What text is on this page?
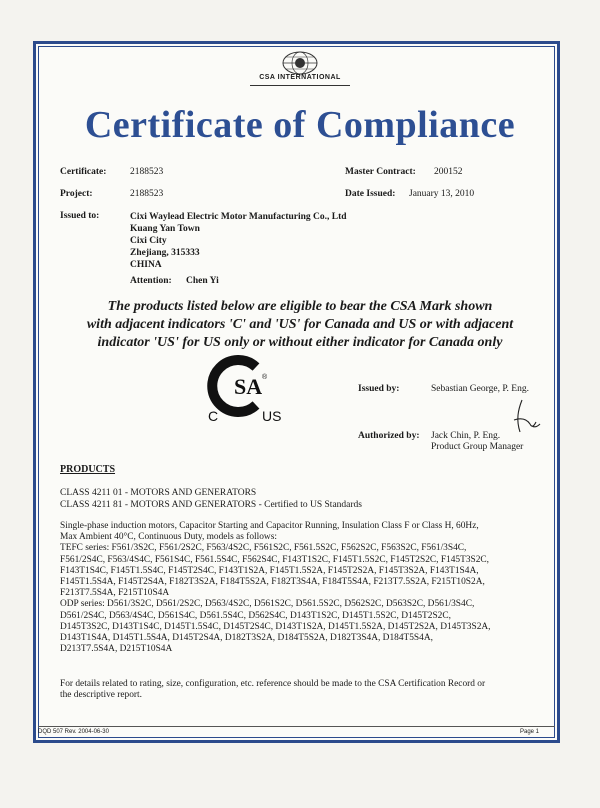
CSA INTERNATIONAL
Certificate of Compliance
Certificate: 2188523	Master Contract: 200152
Project:	2188523	Date Issued: January 13, 2010
Issued to:	Cixi Waylead Electric Motor Manufacturing Co., Ltd
Kuang Yan Town
Cixi City
Zhejiang, 315333
CHINA
Attention: Chen Yi
The products listed below are eligible to bear the CSA Mark shown
with adjacent indicators 'C' and 'US' for Canada and US or with adjacent
indicator 'US' for US only or without either indicator for Canada only
SA ®
C	US
Issued by:	Sebastian George, P. Eng.
Authorized by: Jack Chin, P. Eng.
Product Group Manager
PRODUCTS
CLASS 4211 01 - MOTORS AND GENERATORS
CLASS 4211 81 - MOTORS AND GENERATORS - Certified to US Standards
Single-phase induction motors, Capacitor Starting and Capacitor Running, Insulation Class F or Class H, 60Hz,
Max Ambient 40°C, Continuous Duty, models as follows:
TEFC series: F561/3S2C, F561/2S2C, F563/4S2C, F561S2C, F561.5S2C, F562S2C, F563S2C, F561/3S4C,
F561/2S4C, F563/4S4C, F561S4C, F561.5S4C, F562S4C, F143T1S2C, F145T1.5S2C, F145T2S2C, F145T3S2C,
F143T1S4C, F145T1.5S4C, F145T2S4C, F143T1S2A, F145T1.5S2A, F145T2S2A, F145T3S2A, F143T1S4A,
F145T1.5S4A, F145T2S4A, F182T3S2A, F184T5S2A, F182T3S4A, F184T5S4A, F213T7.5S2A, F215T10S2A,
F213T7.5S4A, F215T10S4A
ODP series: D561/3S2C, D561/2S2C, D563/4S2C, D561S2C, D561.5S2C, D562S2C, D563S2C, D561/3S4C,
D561/2S4C, D563/4S4C, D561S4C, D561.5S4C, D562S4C, D143T1S2C, D145T1.5S2C, D145T2S2C,
D145T3S2C, D143T1S4C, D145T1.5S4C, D145T2S4C, D143T1S2A, D145T1.5S2A, D145T2S2A, D145T3S2A,
D143T1S4A, D145T1.5S4A, D145T2S4A, D182T3S2A, D184T5S2A, D182T3S4A, D184T5S4A,
D213T7.5S4A, D215T10S4A
For details related to rating, size, configuration, etc. reference should be made to the CSA Certification Record or
the descriptive report.
DQD 507 Rev. 2004-06-30	Page 1
